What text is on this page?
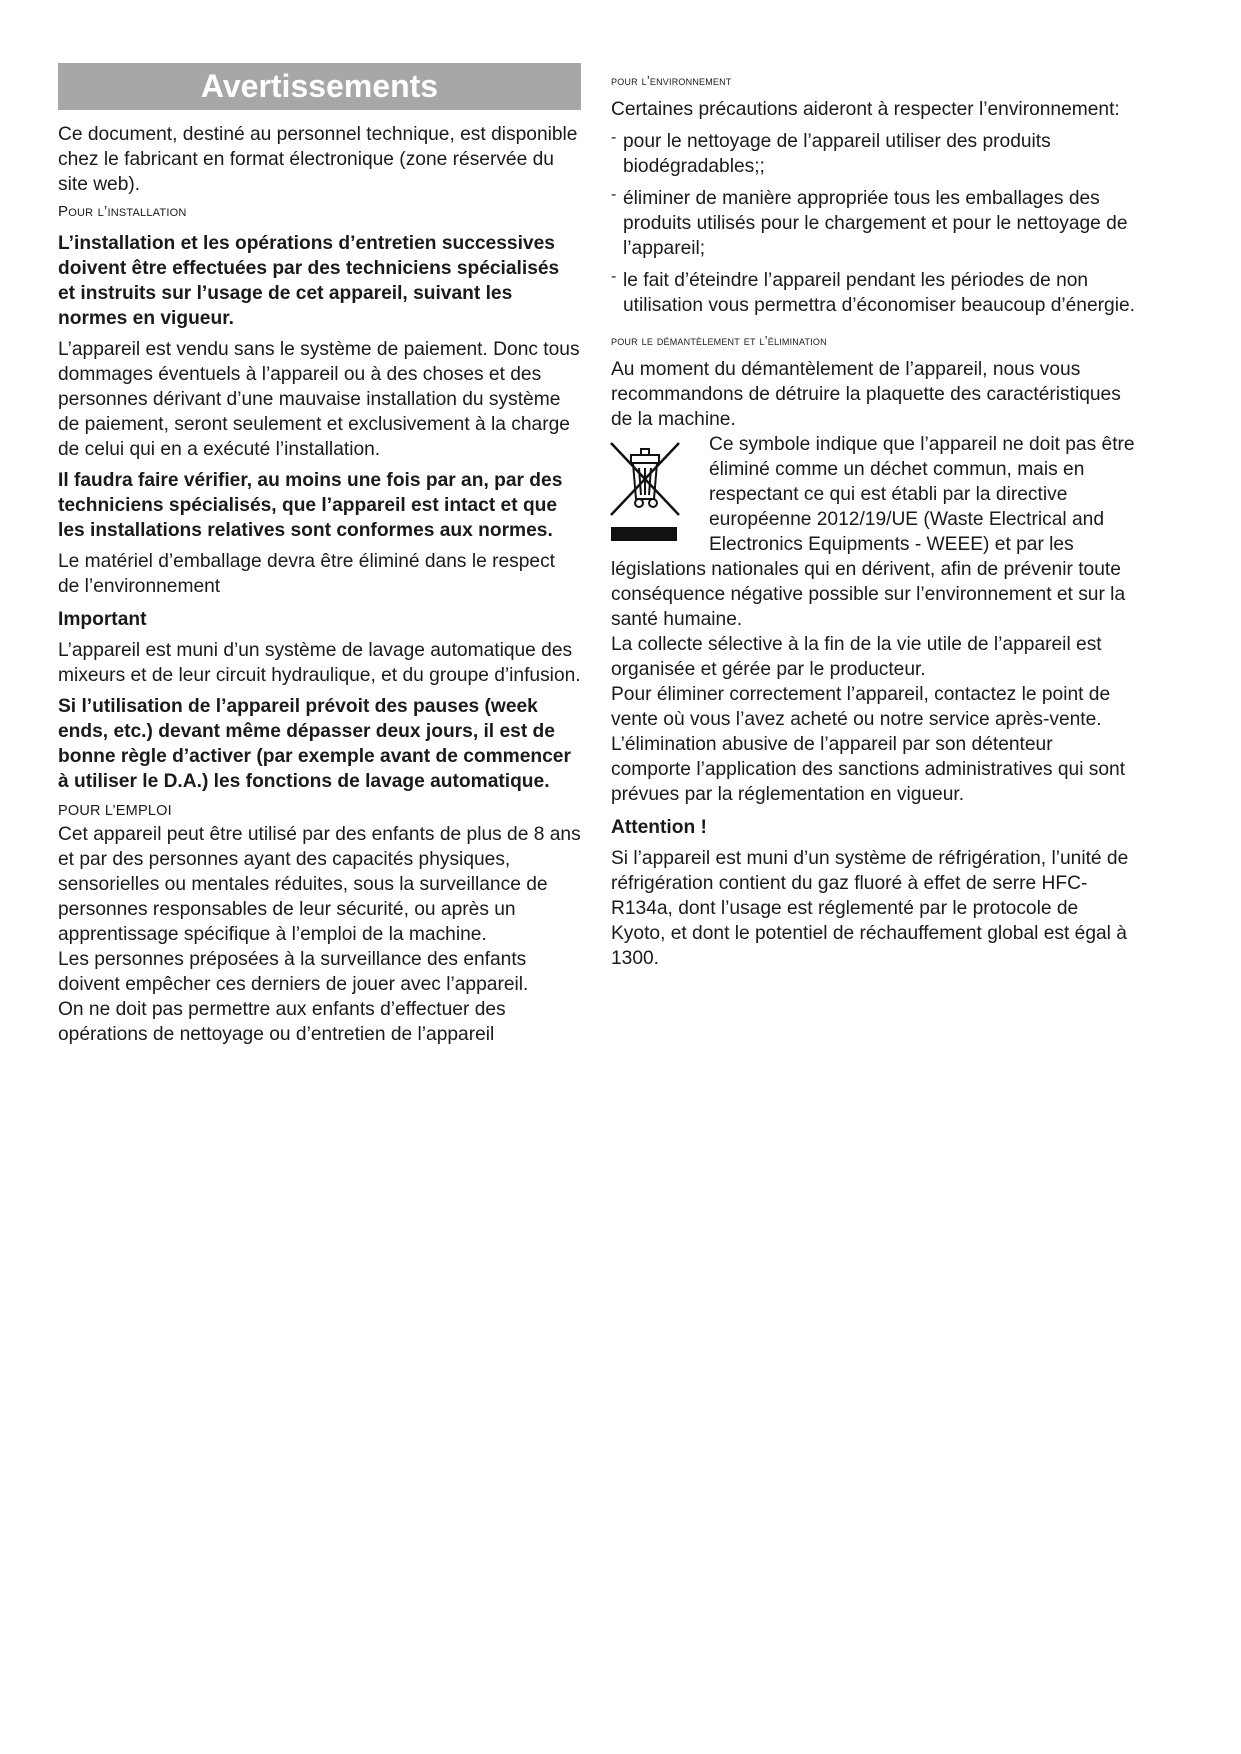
Avertissements

Ce document, destiné au personnel technique, est disponible chez le fabricant en format électronique (zone réservée du site web).

Pour l’installation

L’installation et les opérations d’entretien successives doivent être effectuées par des techniciens spécialisés et instruits sur l’usage de cet appareil, suivant les normes en vigueur.

L’appareil est vendu sans le système de paiement. Donc tous dommages éventuels à l’appareil ou à des choses et des personnes dérivant d’une mauvaise installation du système de paiement, seront seulement et exclusivement à la charge de celui qui en a exécuté l’installation.

Il faudra faire vérifier, au moins une fois par an, par des techniciens spécialisés, que l’appareil est intact et que les installations relatives sont conformes aux normes.

Le matériel d’emballage devra être éliminé dans le respect de l’environnement

Important

L’appareil est muni d’un système de lavage automatique des mixeurs et de leur circuit hydraulique, et du groupe d’infusion.

Si l’utilisation de l’appareil prévoit des pauses (week ends, etc.) devant même dépasser deux jours, il est de bonne règle d’activer (par exemple avant de commencer à utiliser le D.A.) les fonctions de lavage automatique.

POUR L’EMPLOI

Cet appareil peut être utilisé par des enfants de plus de 8 ans et par des personnes ayant des capacités physiques, sensorielles ou mentales réduites, sous la surveillance de personnes responsables de leur sécurité, ou après un apprentissage spécifique à l’emploi de la machine.

Les personnes préposées à la surveillance des enfants doivent empêcher ces derniers de jouer avec l’appareil.

On ne doit pas permettre aux enfants d’effectuer des opérations de nettoyage ou d’entretien de l’appareil

pour l’environnement

Certaines précautions aideront à respecter l’environnement:

- pour le nettoyage de l’appareil utiliser des produits biodégradables;;

- éliminer de manière appropriée tous les emballages des produits utilisés pour le chargement et pour le nettoyage de l’appareil;

- le fait d’éteindre l’appareil pendant les périodes de non utilisation vous permettra d’économiser beaucoup d’énergie.

pour le démantèlement et l’élimination

Au moment du démantèlement de l’appareil, nous vous recommandons de détruire la plaquette des caractéristiques de la machine.

Ce symbole indique que l’appareil ne doit pas être éliminé comme un déchet commun, mais en respectant ce qui est établi par la directive européenne 2012/19/UE (Waste Electrical and Electronics Equipments - WEEE) et par les législations nationales qui en dérivent, afin de prévenir toute conséquence négative possible sur l’environnement et sur la santé humaine.

La collecte sélective à la fin de la vie utile de l’appareil est organisée et gérée par le producteur.

Pour éliminer correctement l’appareil, contactez le point de vente où vous l’avez acheté ou notre service après-vente.

L’élimination abusive de l’appareil par son détenteur comporte l’application des sanctions administratives qui sont prévues par la réglementation en vigueur.

Attention !

Si l’appareil est muni d’un système de réfrigération, l’unité de réfrigération contient du gaz fluoré à effet de serre HFC-R134a, dont l’usage est réglementé par le protocole de Kyoto, et dont le potentiel de réchauffement global est égal à 1300.
